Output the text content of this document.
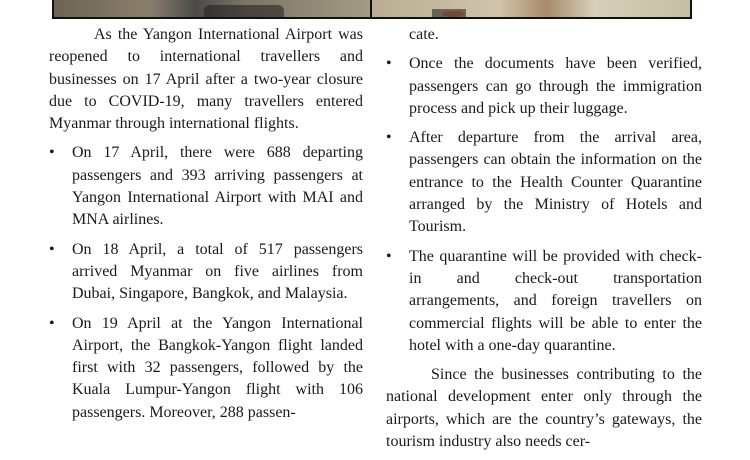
As the Yangon International Airport was reopened to international travellers and businesses on 17 April after a two-year closure due to COVID-19, many travellers entered Myanmar through international flights.

• On 17 April, there were 688 departing passengers and 393 arriving passengers at Yangon International Airport with MAI and MNA airlines.
• On 18 April, a total of 517 passengers arrived Myanmar on five airlines from Dubai, Singapore, Bangkok, and Malaysia.
• On 19 April at the Yangon International Airport, the Bangkok-Yangon flight landed first with 32 passengers, followed by the Kuala Lumpur-Yangon flight with 106 passengers. Moreover, 288 passen-

cate.

• Once the documents have been verified, passengers can go through the immigration process and pick up their luggage.
• After departure from the arrival area, passengers can obtain the information on the entrance to the Health Counter Quarantine arranged by the Ministry of Hotels and Tourism.
• The quarantine will be provided with check-in and check-out transportation arrangements, and foreign travellers on commercial flights will be able to enter the hotel with a one-day quarantine.

Since the businesses contributing to the national development enter only through the airports, which are the country’s gateways, the tourism industry also needs cer-
